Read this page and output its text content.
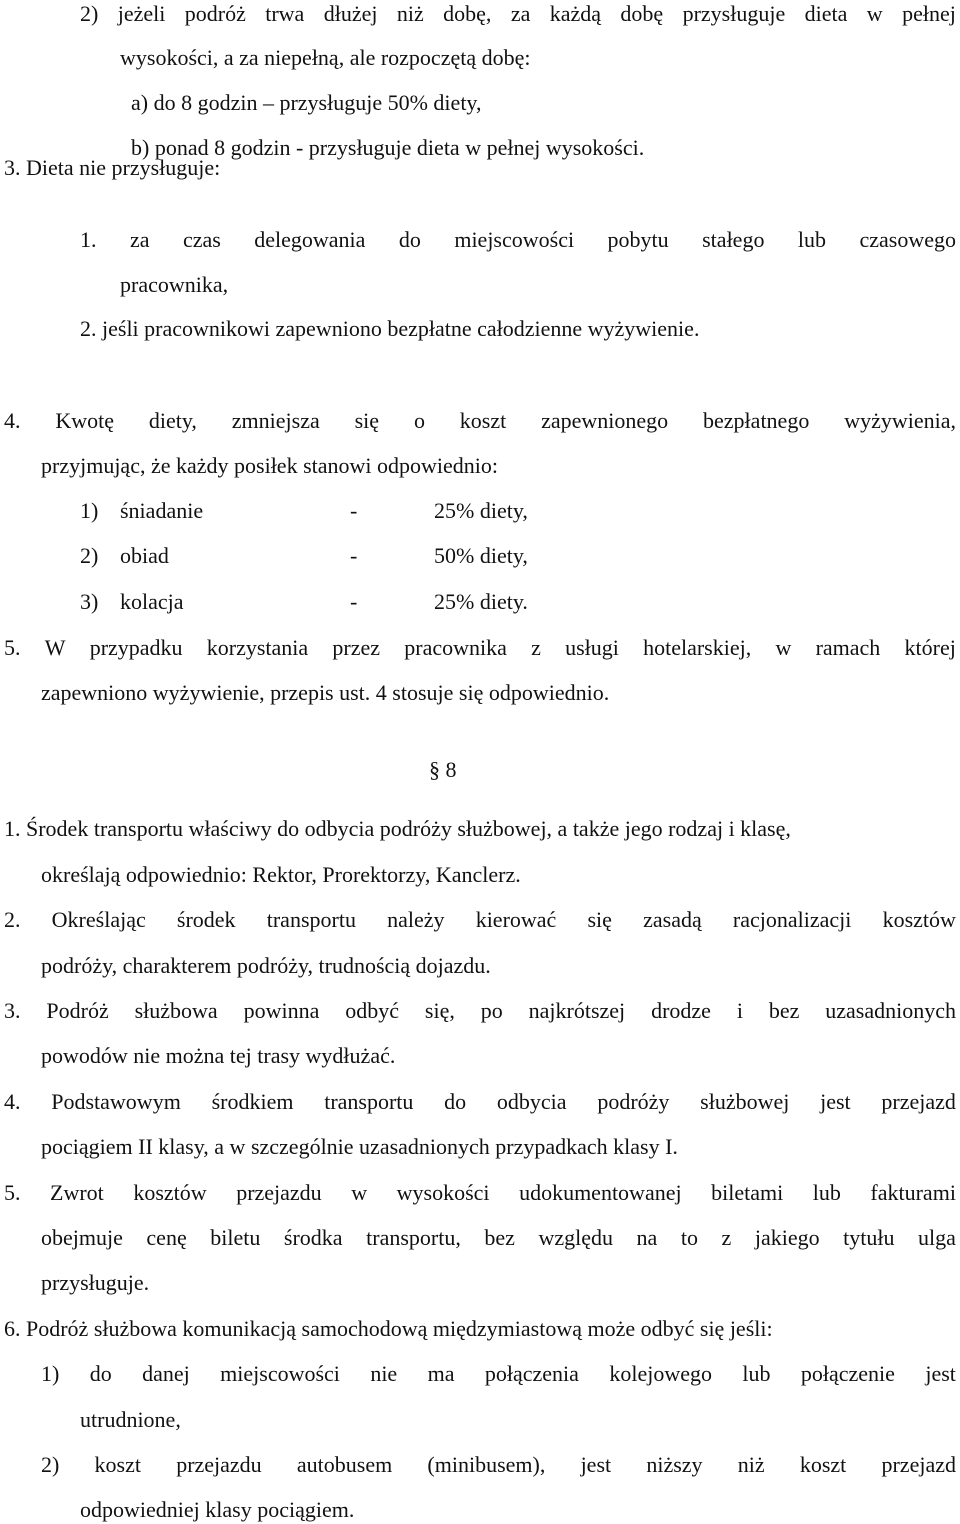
2) jeżeli podróż trwa dłużej niż dobę, za każdą dobę przysługuje dieta w pełnej
wysokości, a za niepełną, ale rozpoczętą dobę:
a) do 8 godzin – przysługuje 50% diety,
b) ponad 8 godzin - przysługuje dieta w pełnej wysokości.
3. Dieta nie przysługuje:
1. za czas delegowania do miejscowości pobytu stałego lub czasowego
pracownika,
2. jeśli pracownikowi zapewniono bezpłatne całodzienne wyżywienie.
4. Kwotę diety, zmniejsza się o koszt zapewnionego bezpłatnego wyżywienia,
przyjmując, że każdy posiłek stanowi odpowiednio:
1) śniadanie	-	25% diety,
2) obiad	-	50% diety,
3) kolacja	-	25% diety.
5. W przypadku korzystania przez pracownika z usługi hotelarskiej, w ramach której
zapewniono wyżywienie, przepis ust. 4 stosuje się odpowiednio.
§ 8
1. Środek transportu właściwy do odbycia podróży służbowej, a także jego rodzaj i klasę,
określają odpowiednio: Rektor, Prorektorzy, Kanclerz.
2. Określając środek transportu należy kierować się zasadą racjonalizacji kosztów
podróży, charakterem podróży, trudnością dojazdu.
3. Podróż służbowa powinna odbyć się, po najkrótszej drodze i bez uzasadnionych
powodów nie można tej trasy wydłużać.
4. Podstawowym środkiem transportu do odbycia podróży służbowej jest przejazd
pociągiem II klasy, a w szczególnie uzasadnionych przypadkach klasy I.
5. Zwrot kosztów przejazdu w wysokości udokumentowanej biletami lub fakturami
obejmuje cenę biletu środka transportu, bez względu na to z jakiego tytułu ulga
przysługuje.
6. Podróż służbowa komunikacją samochodową międzymiastową może odbyć się jeśli:
1) do danej miejscowości nie ma połączenia kolejowego lub połączenie jest
utrudnione,
2) koszt przejazdu autobusem (minibusem), jest niższy niż koszt przejazd
odpowiedniej klasy pociągiem.
